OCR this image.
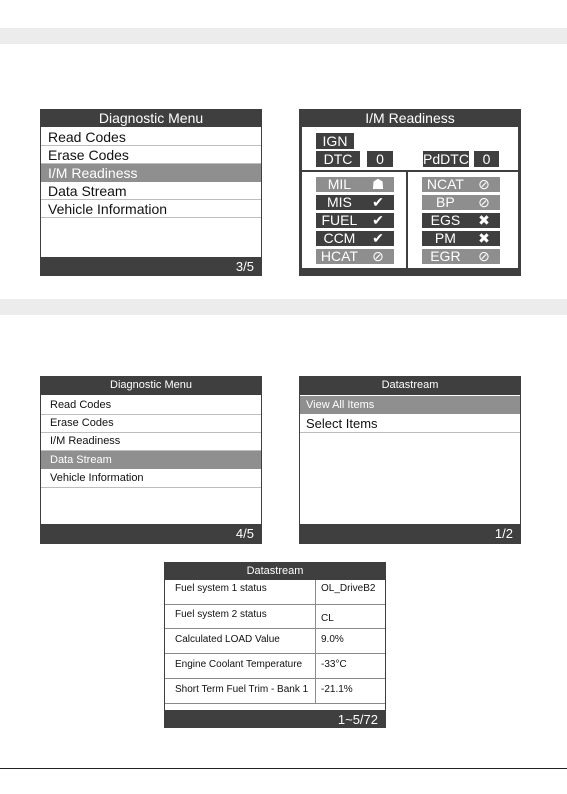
Diagnostic Menu
Read Codes
Erase Codes
I/M Readiness
Data Stream
Vehicle Information
3/5
I/M Readiness
IGN
DTC	0	PdDTC 0
MIL	☗
MIS	✔
FUEL	✔
CCM	✔
HCAT	⊘
NCAT	⊘
BP	⊘
EGS	✖
PM	✖
EGR	⊘
Diagnostic Menu
Read Codes
Erase Codes
I/M Readiness
Data Stream
Vehicle Information
4/5
Datastream
View All Items
Select Items
1/2
Datastream
Fuel system 1 status	OL_DriveB2
Fuel system 2 status	CL
Calculated LOAD Value	9.0%
Engine Coolant Temperature -33°C
Short Term Fuel Trim - Bank 1 -21.1%
1~5/72
